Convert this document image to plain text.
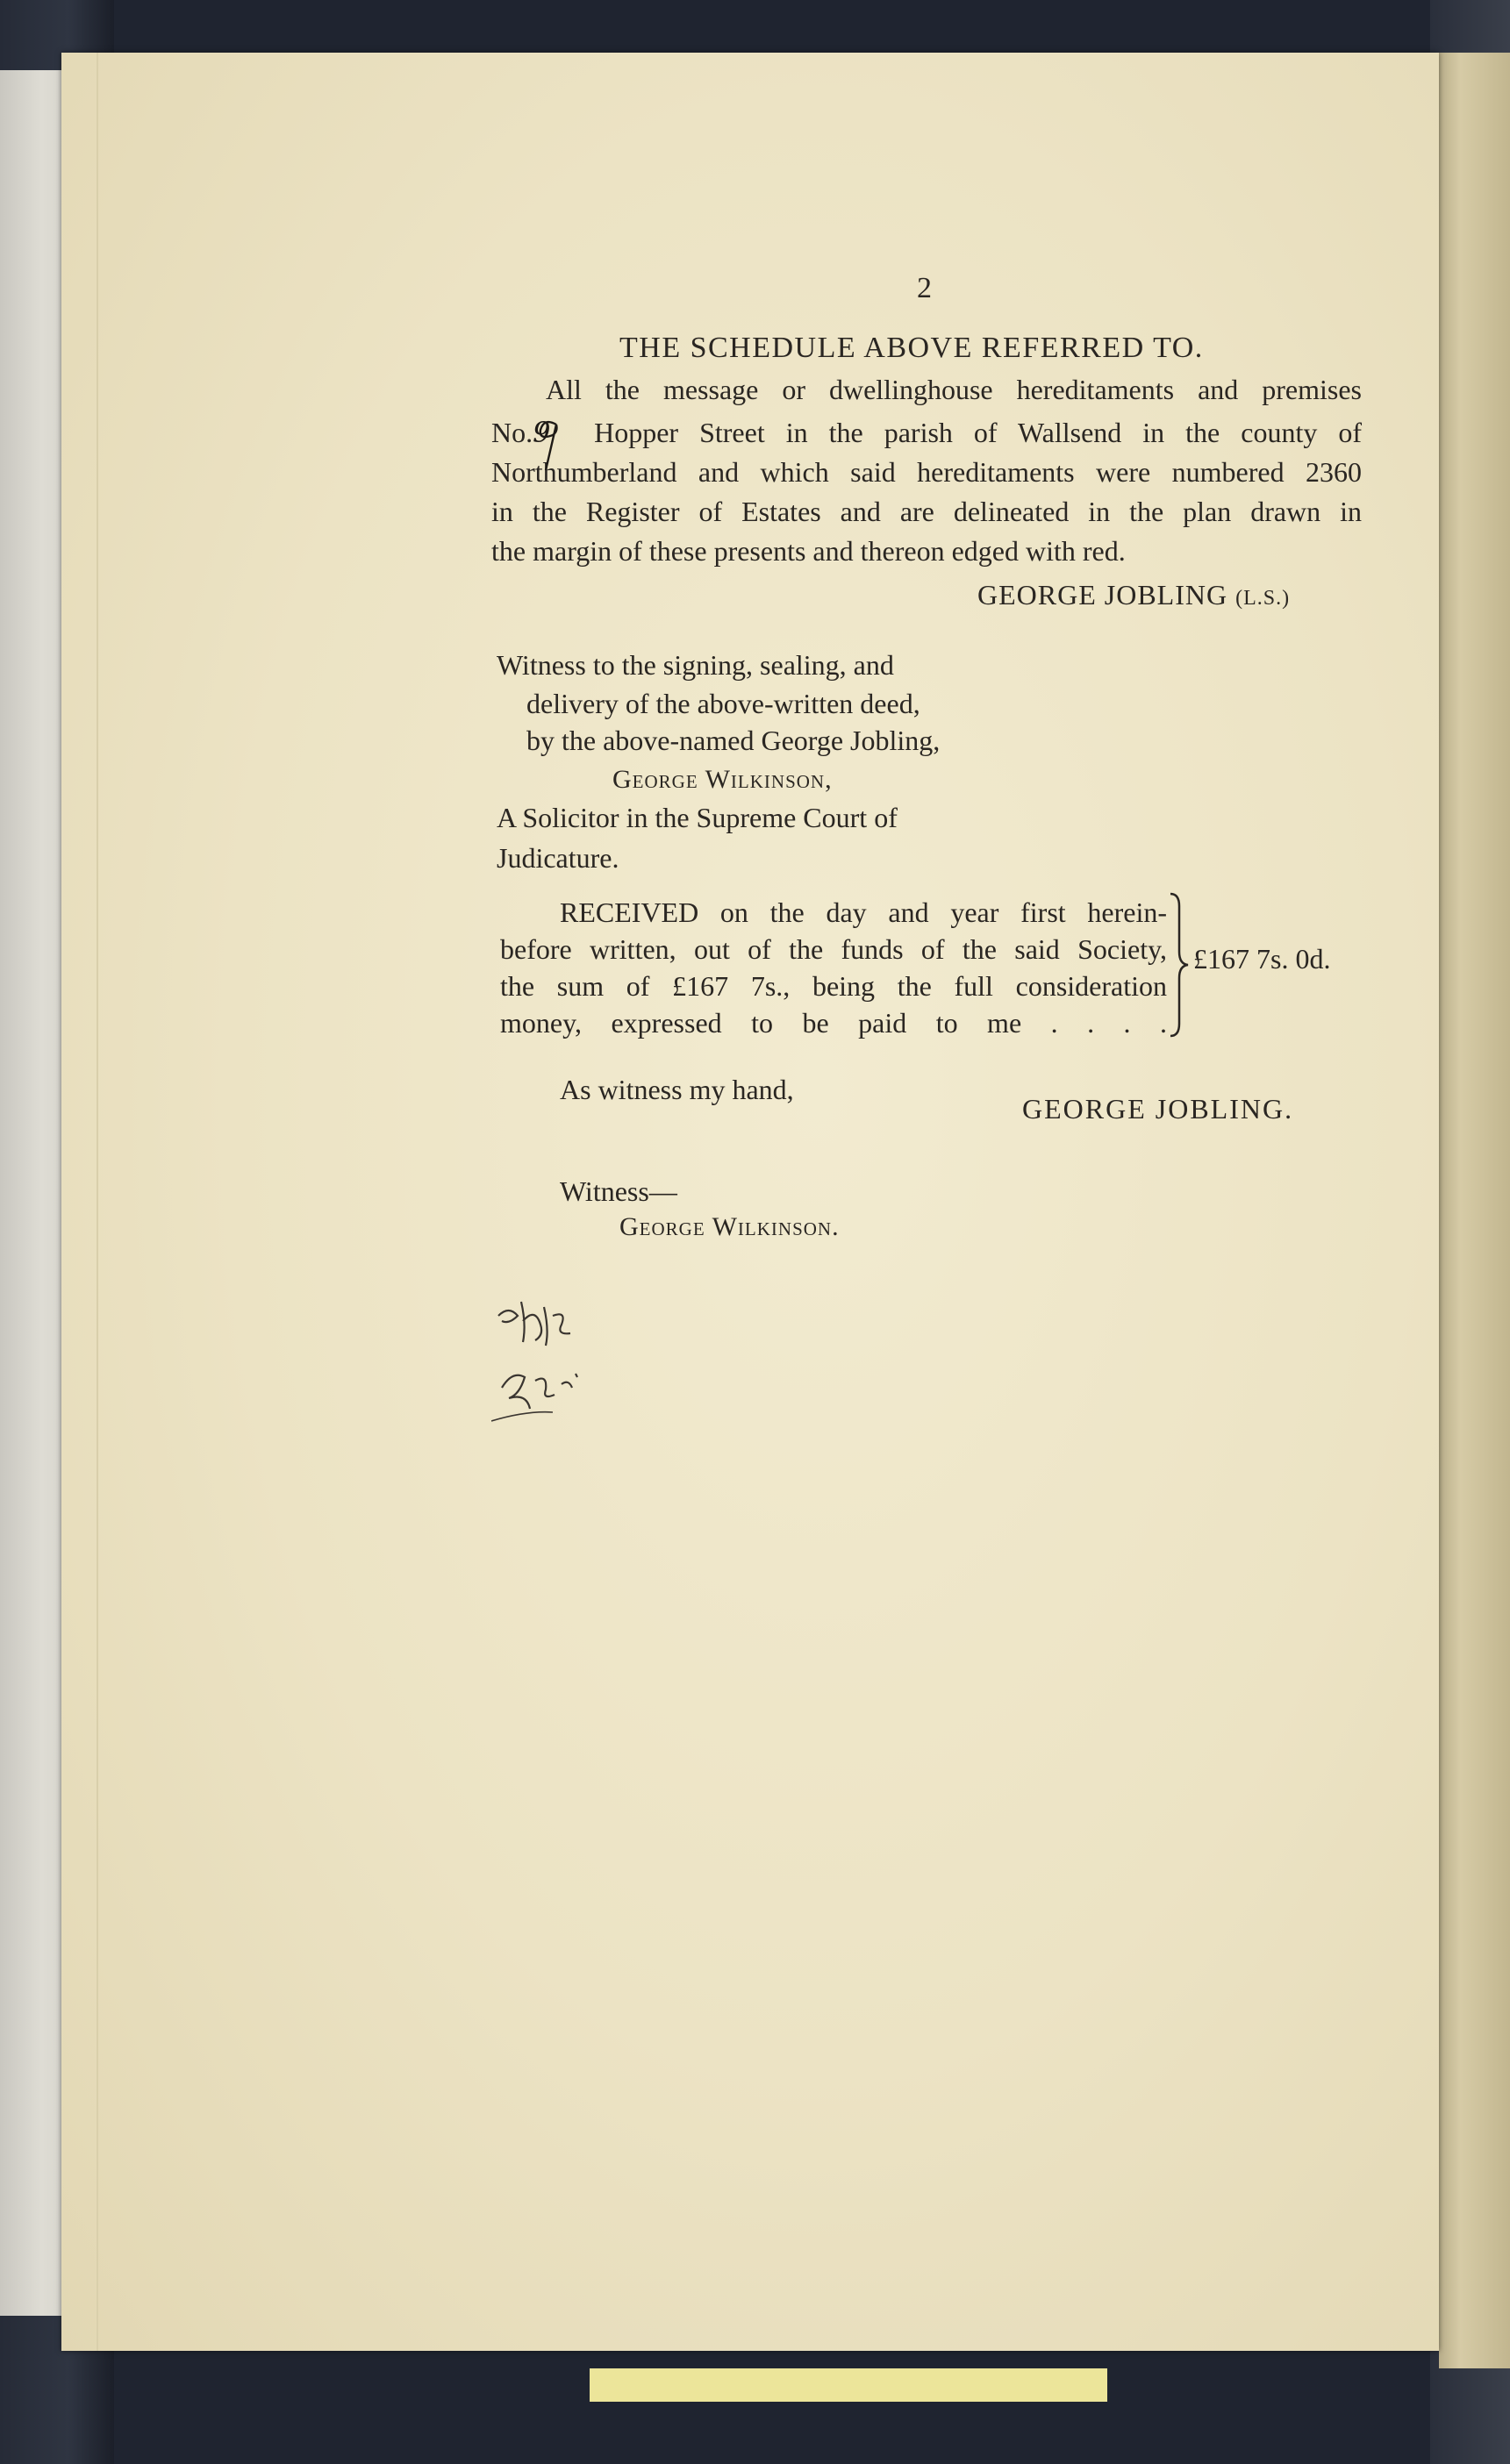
2
THE SCHEDULE ABOVE REFERRED TO.
All the message or dwellinghouse hereditaments and premises
No.9 Hopper Street in the parish of Wallsend in the county of
Northumberland and which said hereditaments were numbered 2360
in the Register of Estates and are delineated in the plan drawn in
the margin of these presents and thereon edged with red.
GEORGE JOBLING (L.S.)
Witness to the signing, sealing, and
delivery of the above-written deed,
by the above-named George Jobling,
George Wilkinson,
A Solicitor in the Supreme Court of
Judicature.
RECEIVED on the day and year first herein-
before written, out of the funds of the said Society,
the sum of £167 7s., being the full consideration
money, expressed to be paid to me . . . .
£167 7s. 0d.
As witness my hand,
GEORGE JOBLING.
Witness—
George Wilkinson.
